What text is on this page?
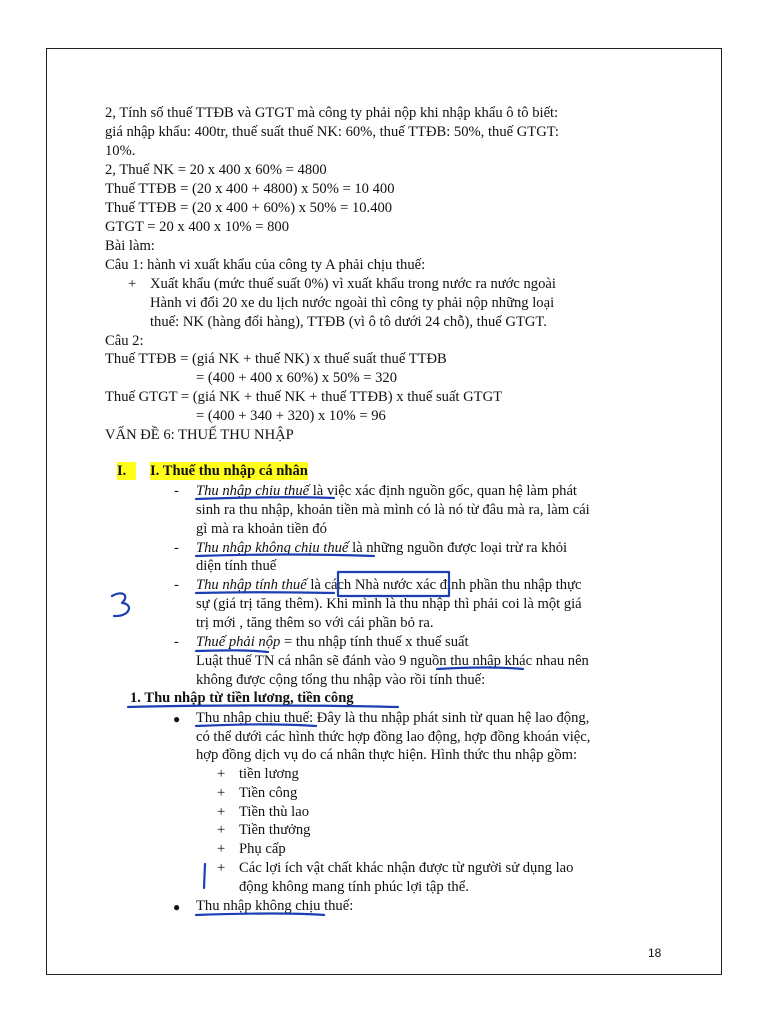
2, Tính số thuế TTĐB và GTGT mà công ty phải nộp khi nhập khẩu ô tô biết:
giá nhập khẩu: 400tr, thuế suất thuế NK: 60%, thuế TTĐB: 50%, thuế GTGT:
10%.
2, Thuế NK = 20 x 400 x 60% = 4800
Thuế TTĐB = (20 x 400 + 4800) x 50% = 10 400
Thuế TTĐB = (20 x 400 + 60%) x 50% = 10.400
GTGT = 20 x 400 x 10% = 800
Bài làm:
Câu 1: hành vi xuất khẩu của công ty A phải chịu thuế:
+ Xuất khẩu (mức thuế suất 0%) vì xuất khẩu trong nước ra nước ngoài
Hành vi đổi 20 xe du lịch nước ngoài thì công ty phải nộp những loại
thuế: NK (hàng đổi hàng), TTĐB (vì ô tô dưới 24 chỗ), thuế GTGT.
Câu 2:
Thuế TTĐB = (giá NK + thuế NK) x thuế suất thuế TTĐB
= (400 + 400 x 60%) x 50% = 320
Thuế GTGT = (giá NK + thuế NK + thuế TTĐB) x thuế suất GTGT
= (400 + 340 + 320) x 10% = 96
VẤN ĐỀ 6: THUẾ THU NHẬP
I.	I. Thuế thu nhập cá nhân
- Thu nhập chịu thuế là việc xác định nguồn gốc, quan hệ làm phát
sinh ra thu nhập, khoản tiền mà mình có là nó từ đâu mà ra, làm cái
gì mà ra khoản tiền đó
- Thu nhập không chịu thuế là những nguồn được loại trừ ra khỏi
diện tính thuế
- Thu nhập tính thuế là cách Nhà nước xác định phần thu nhập thực
sự (giá trị tăng thêm). Khi mình là thu nhập thì phải coi là một giá
trị mới , tăng thêm so với cái phần bỏ ra.
- Thuế phải nộp = thu nhập tính thuế x thuế suất
Luật thuế TN cá nhân sẽ đánh vào 9 nguồn thu nhập khác nhau nên
không được cộng tổng thu nhập vào rồi tính thuế:
1. Thu nhập từ tiền lương, tiền công
● Thu nhập chịu thuế: Đây là thu nhập phát sinh từ quan hệ lao động,
có thể dưới các hình thức hợp đồng lao động, hợp đồng khoán việc,
hợp đồng dịch vụ do cá nhân thực hiện. Hình thức thu nhập gồm:
+ tiền lương
+ Tiền công
+ Tiền thù lao
+ Tiền thưởng
+ Phụ cấp
+ Các lợi ích vật chất khác nhận được từ người sử dụng lao
động không mang tính phúc lợi tập thể.
● Thu nhập không chịu thuế:
18
